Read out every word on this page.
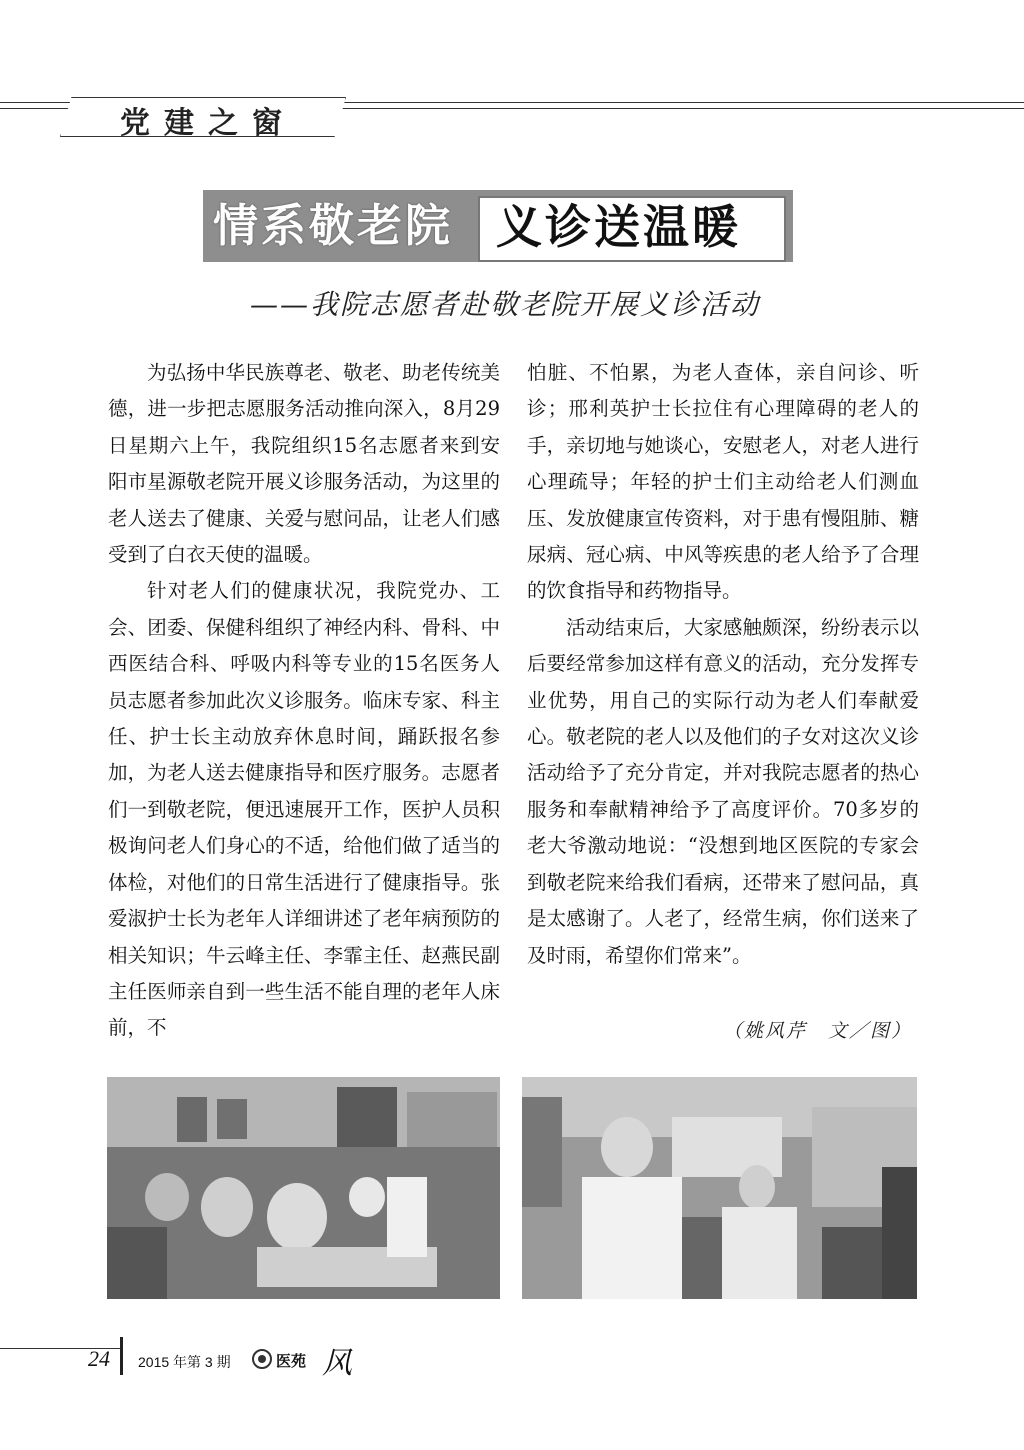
党建之窗
情系敬老院 义诊送温暖
——我院志愿者赴敬老院开展义诊活动

为弘扬中华民族尊老、敬老、助老传统美德，进一步把志愿服务活动推向深入，8月29日星期六上午，我院组织15名志愿者来到安阳市星源敬老院开展义诊服务活动，为这里的老人送去了健康、关爱与慰问品，让老人们感受到了白衣天使的温暖。

针对老人们的健康状况，我院党办、工会、团委、保健科组织了神经内科、骨科、中西医结合科、呼吸内科等专业的15名医务人员志愿者参加此次义诊服务。临床专家、科主任、护士长主动放弃休息时间，踊跃报名参加，为老人送去健康指导和医疗服务。志愿者们一到敬老院，便迅速展开工作，医护人员积极询问老人们身心的不适，给他们做了适当的体检，对他们的日常生活进行了健康指导。张爱淑护士长为老年人详细讲述了老年病预防的相关知识；牛云峰主任、李霏主任、赵燕民副主任医师亲自到一些生活不能自理的老年人床前，不

怕脏、不怕累，为老人查体，亲自问诊、听诊；邢利英护士长拉住有心理障碍的老人的手，亲切地与她谈心，安慰老人，对老人进行心理疏导；年轻的护士们主动给老人们测血压、发放健康宣传资料，对于患有慢阻肺、糖尿病、冠心病、中风等疾患的老人给予了合理的饮食指导和药物指导。

活动结束后，大家感触颇深，纷纷表示以后要经常参加这样有意义的活动，充分发挥专业优势，用自己的实际行动为老人们奉献爱心。敬老院的老人以及他们的子女对这次义诊活动给予了充分肯定，并对我院志愿者的热心服务和奉献精神给予了高度评价。70多岁的老大爷激动地说：“没想到地区医院的专家会到敬老院来给我们看病，还带来了慰问品，真是太感谢了。人老了，经常生病，你们送来了及时雨，希望你们常来”。

（姚风芹　文／图）
24 2015 年第 3 期	医苑 风
